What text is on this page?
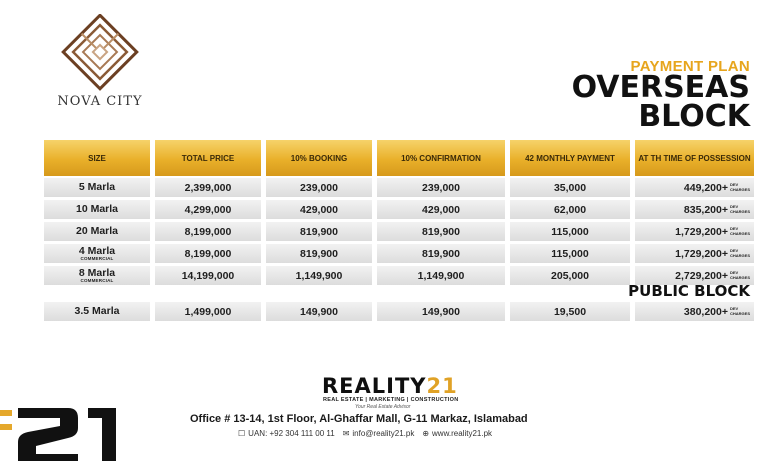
NOVA CITY
PAYMENT PLAN
OVERSEAS
BLOCK
SIZE	TOTAL PRICE	10% BOOKING	10% CONFIRMATION	42 MONTHLY PAYMENT	AT TH TIME OF POSSESSION
5 Marla	2,399,000	239,000	239,000	35,000	449,200+ DEV
CHARGES
10 Marla	4,299,000	429,000	429,000	62,000	835,200+ DEV
CHARGES
20 Marla	8,199,000	819,900	819,900	115,000	1,729,200+ DEV
CHARGES
4 Marla
COMMERCIAL	8,199,000	819,900	819,900	115,000	1,729,200+ DEV
CHARGES
8 Marla
COMMERCIAL	14,199,000	1,149,900	1,149,900	205,000	2,729,200+ DEV
CHARGES
3.5 Marla	1,499,000	149,900	149,900	19,500	380,200+ DEV
CHARGES
PUBLIC BLOCK
REALITY21
REAL ESTATE | MARKETING | CONSTRUCTION
Your Real Estate Advisor
Office # 13-14, 1st Floor, Al-Ghaffar Mall, G-11 Markaz, Islamabad
☐ UAN: +92 304 111 00 11 ✉ info@reality21.pk ⊕ www.reality21.pk
